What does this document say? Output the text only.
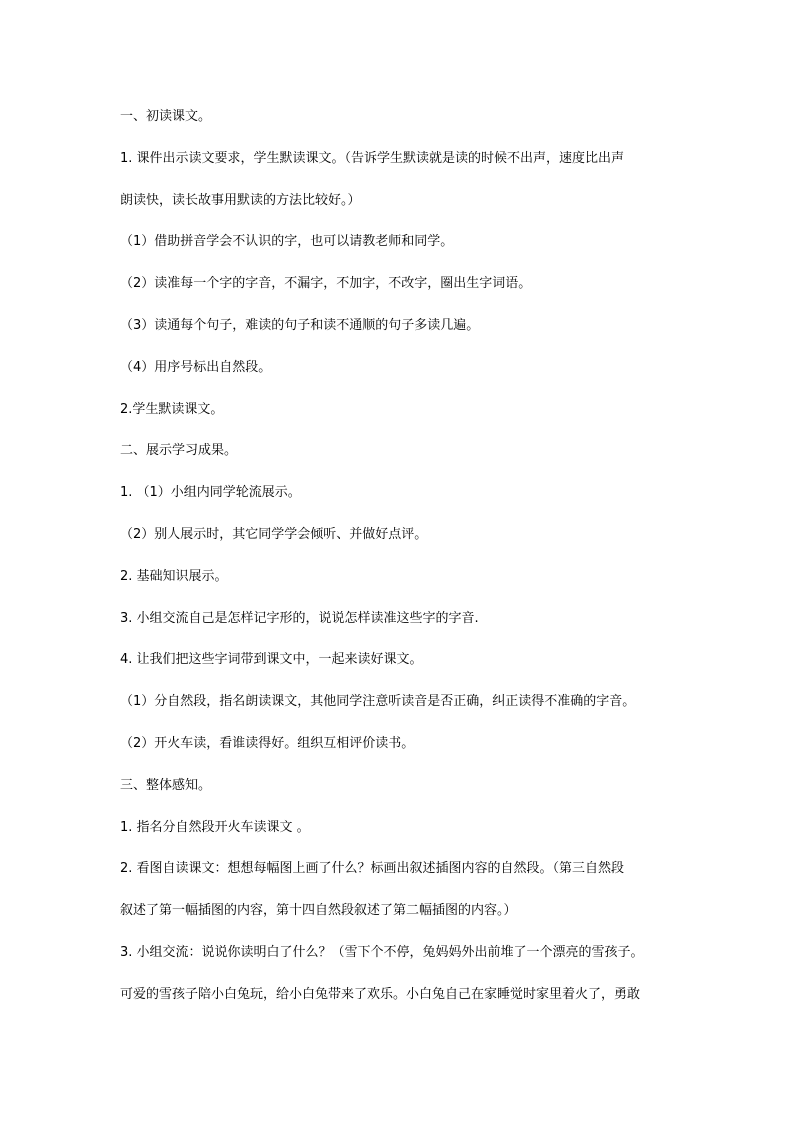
一、初读课文。
1. 课件出示读文要求，学生默读课文。（告诉学生默读就是读的时候不出声，速度比出声
朗读快，读长故事用默读的方法比较好。）
（1）借助拼音学会不认识的字，也可以请教老师和同学。
（2）读准每一个字的字音，不漏字，不加字，不改字，圈出生字词语。
（3）读通每个句子，难读的句子和读不通顺的句子多读几遍。
（4）用序号标出自然段。
2.学生默读课文。
二、展示学习成果。
1. （1）小组内同学轮流展示。
（2）别人展示时，其它同学学会倾听、并做好点评。
2. 基础知识展示。
3. 小组交流自己是怎样记字形的，说说怎样读准这些字的字音.
4. 让我们把这些字词带到课文中，一起来读好课文。
（1）分自然段，指名朗读课文，其他同学注意听读音是否正确，纠正读得不准确的字音。
（2）开火车读，看谁读得好。组织互相评价读书。
三、整体感知。
1. 指名分自然段开火车读课文 。
2. 看图自读课文：想想每幅图上画了什么？标画出叙述插图内容的自然段。（第三自然段
叙述了第一幅插图的内容，第十四自然段叙述了第二幅插图的内容。）
3. 小组交流：说说你读明白了什么？（雪下个不停，兔妈妈外出前堆了一个漂亮的雪孩子。
可爱的雪孩子陪小白兔玩，给小白兔带来了欢乐。小白兔自己在家睡觉时家里着火了，勇敢
